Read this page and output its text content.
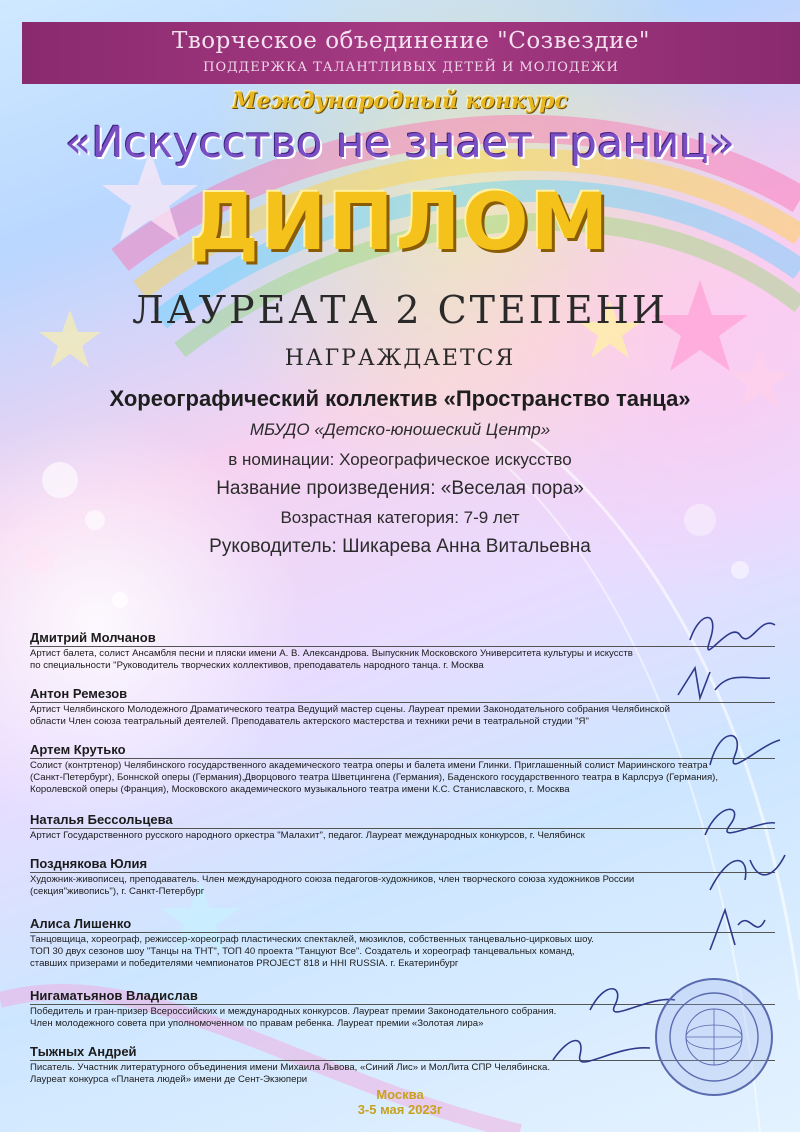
Творческое объединение "Созвездие"
ПОДДЕРЖКА ТАЛАНТЛИВЫХ ДЕТЕЙ И МОЛОДЕЖИ
Международный конкурс
«Искусство не знает границ»
ДИПЛОМ
ЛАУРЕАТА 2 СТЕПЕНИ
НАГРАЖДАЕТСЯ
Хореографический коллектив «Пространство танца»
МБУДО «Детско-юношеский Центр»
в номинации: Хореографическое искусство
Название произведения: «Веселая пора»
Возрастная категория: 7-9 лет
Руководитель: Шикарева Анна Витальевна
Дмитрий Молчанов
Артист балета, солист Ансамбля песни и пляски имени А. В. Александрова. Выпускник Московского Университета культуры и искусств
по специальности "Руководитель творческих коллективов, преподаватель народного танца. г. Москва
Антон Ремезов
Артист Челябинского Молодежного Драматического театра Ведущий мастер сцены. Лауреат премии Законодательного собрания Челябинской
области Член союза театральный деятелей. Преподаватель актерского мастерства и техники речи в театральной студии "Я"
Артем Крутько
Солист (контртенор) Челябинского государственного академического театра оперы и балета имени Глинки. Приглашенный солист Мариинского театра
(Санкт-Петербург), Боннской оперы (Германия),Дворцового театра Шветцингена (Германия), Баденского государственного театра в Карлсруэ (Германия),
Королевской оперы (Франция), Московского академического музыкального театра имени К.С. Станиславского, г. Москва
Наталья Бессольцева
Артист Государственного русского народного оркестра "Малахит", педагог. Лауреат международных конкурсов, г. Челябинск
Позднякова Юлия
Художник-живописец, преподаватель. Член международного союза педагогов-художников, член творческого союза художников России
(секция"живопись"), г. Санкт-Петербург
Алиса Лишенко
Танцовщица, хореограф, режиссер-хореограф пластических спектаклей, мюзиклов, собственных танцевально-цирковых шоу.
ТОП 30 двух сезонов шоу "Танцы на ТНТ", ТОП 40 проекта "Танцуют Все". Создатель и хореограф танцевальных команд,
ставших призерами и победителями чемпионатов PROJECT 818 и HHI RUSSIA. г. Екатеринбург
Нигаматьянов Владислав
Победитель и гран-призер Всероссийских и международных конкурсов. Лауреат премии Законодательного собрания.
Член молодежного совета при уполномоченном по правам ребенка. Лауреат премии «Золотая лира»
Тыжных Андрей
Писатель. Участник литературного объединения имени Михаила Львова, «Синий Лис» и МолЛита СПР Челябинска.
Лауреат конкурса «Планета людей» имени де Сент-Экзюпери
Москва
3-5 мая 2023г
